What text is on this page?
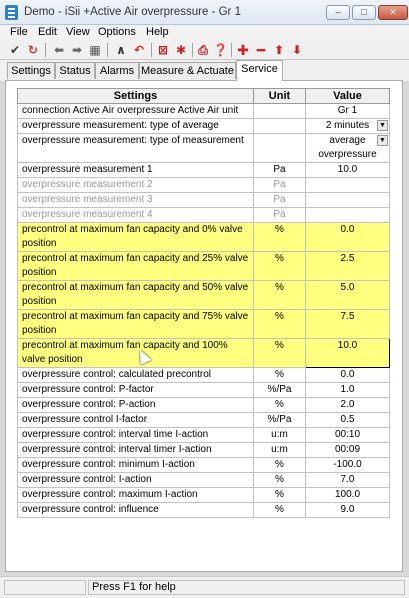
Demo - iSii +Active Air overpressure - Gr 1	–	□	✕
File Edit View Options Help
✔ ↻ ⬅ ➡ ▦ ∧ ↶ ⊠ ✱ ⎙ ❓ ✚ ━ ⬆ ⬇
Settings Status Alarms Measure & Actuate Service
Settings	Unit	Value
connection Active Air overpressure Active Air unit		Gr 1
overpressure measurement: type of average		2 minutes ▼

overpressure measurement: type of measurement		average overpressure
▼

overpressure measurement 1	Pa	10.0
overpressure measurement 2	Pa	
overpressure measurement 3	Pa	
overpressure measurement 4	Pa	
precontrol at maximum fan capacity and 0% valve position	%	0.0
precontrol at maximum fan capacity and 25% valve position	%	2.5
precontrol at maximum fan capacity and 50% valve position	%	5.0
precontrol at maximum fan capacity and 75% valve position	%	7.5
precontrol at maximum fan capacity and 100% valve position	%	10.0
overpressure control: calculated precontrol	%	0.0
overpressure control: P-factor	%/Pa	1.0
overpressure control: P-action	%	2.0
overpressure control I-factor	%/Pa	0.5
overpressure control: interval time I-action	u:m	00:10
overpressure control: interval timer I-action	u:m	00:09
overpressure control: minimum I-action	%	-100.0
overpressure control: I-action	%	7.0
overpressure control: maximum I-action	%	100.0
overpressure control: influence	%	9.0
Press F1 for help
